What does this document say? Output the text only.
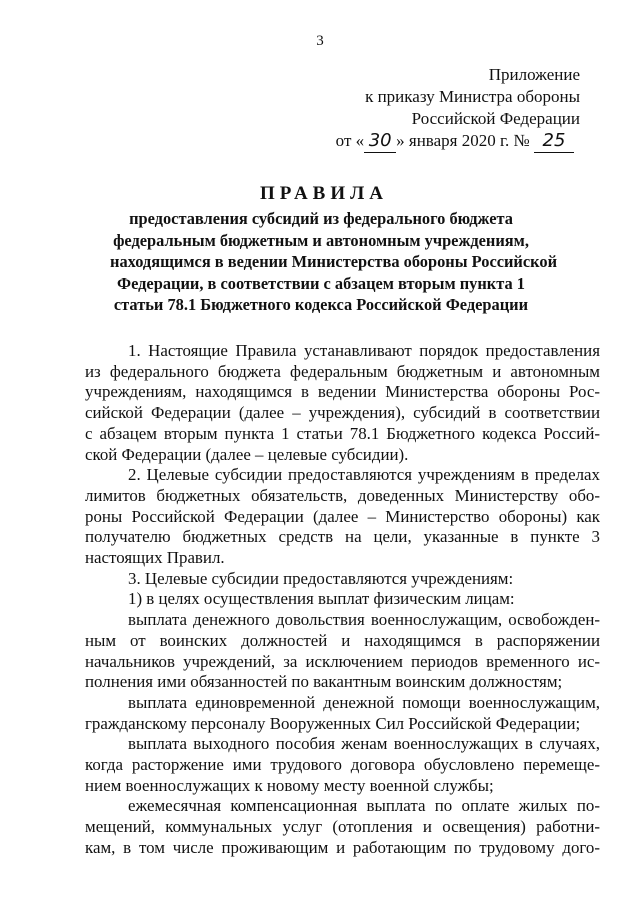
3
Приложение
к приказу Министра обороны
Российской Федерации
от « 30 » января 2020 г. № 25
ПРАВИЛА
предоставления субсидий из федерального бюджета
федеральным бюджетным и автономным учреждениям,
находящимся в ведении Министерства обороны Российской
Федерации, в соответствии с абзацем вторым пункта 1
статьи 78.1 Бюджетного кодекса Российской Федерации
1. Настоящие Правила устанавливают порядок предоставления
из федерального бюджета федеральным бюджетным и автономным
учреждениям, находящимся в ведении Министерства обороны Рос-
сийской Федерации (далее – учреждения), субсидий в соответствии
с абзацем вторым пункта 1 статьи 78.1 Бюджетного кодекса Россий-
ской Федерации (далее – целевые субсидии).
2. Целевые субсидии предоставляются учреждениям в пределах
лимитов бюджетных обязательств, доведенных Министерству обо-
роны Российской Федерации (далее – Министерство обороны) как
получателю бюджетных средств на цели, указанные в пункте 3
настоящих Правил.
3. Целевые субсидии предоставляются учреждениям:
1) в целях осуществления выплат физическим лицам:
выплата денежного довольствия военнослужащим, освобожден-
ным от воинских должностей и находящимся в распоряжении
начальников учреждений, за исключением периодов временного ис-
полнения ими обязанностей по вакантным воинским должностям;
выплата единовременной денежной помощи военнослужащим,
гражданскому персоналу Вооруженных Сил Российской Федерации;
выплата выходного пособия женам военнослужащих в случаях,
когда расторжение ими трудового договора обусловлено перемеще-
нием военнослужащих к новому месту военной службы;
ежемесячная компенсационная выплата по оплате жилых по-
мещений, коммунальных услуг (отопления и освещения) работни-
кам, в том числе проживающим и работающим по трудовому дого-
